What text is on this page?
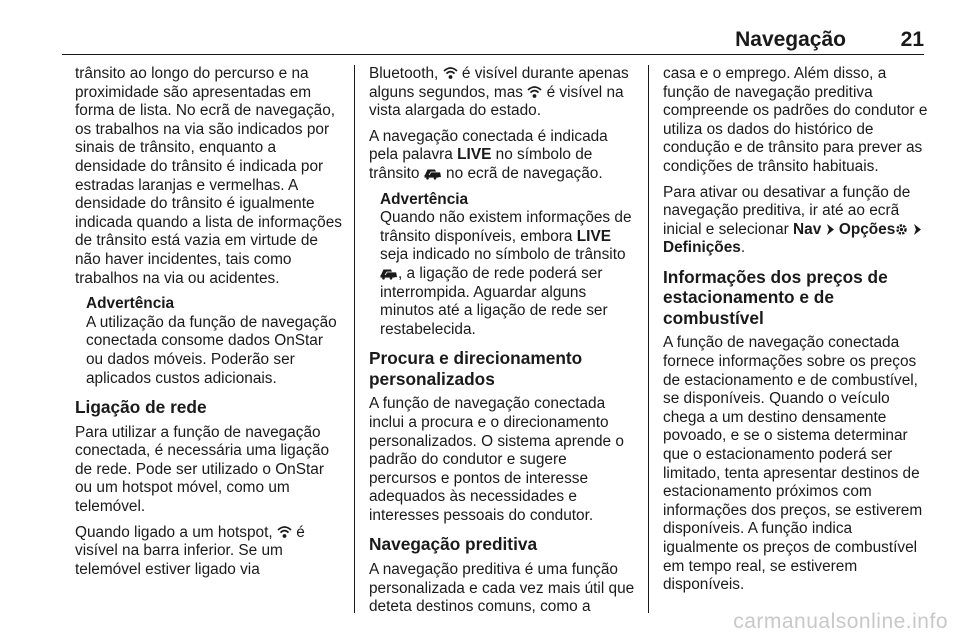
Navegação	21

trânsito ao longo do percurso e na proximidade são apresentadas em forma de lista. No ecrã de navegação, os trabalhos na via são indicados por sinais de trânsito, enquanto a densidade do trânsito é indicada por estradas laranjas e vermelhas. A densidade do trânsito é igualmente indicada quando a lista de informações de trânsito está vazia em virtude de não haver incidentes, tais como trabalhos na via ou acidentes.

Advertência
A utilização da função de navegação conectada consome dados OnStar ou dados móveis. Poderão ser aplicados custos adicionais.
Ligação de rede

Para utilizar a função de navegação conectada, é necessária uma ligação de rede. Pode ser utilizado o OnStar ou um hotspot móvel, como um telemóvel.

Quando ligado a um hotspot, é visível na barra inferior. Se um telemóvel estiver ligado via

Bluetooth, é visível durante apenas alguns segundos, mas é visível na vista alargada do estado.

A navegação conectada é indicada pela palavra LIVE no símbolo de trânsito no ecrã de navegação.

Advertência
Quando não existem informações de trânsito disponíveis, embora LIVE seja indicado no símbolo de trânsito , a ligação de rede poderá ser interrompida. Aguardar alguns minutos até a ligação de rede ser restabelecida.
Procura e direcionamento personalizados

A função de navegação conectada inclui a procura e o direcionamento personalizados. O sistema aprende o padrão do condutor e sugere percursos e pontos de interesse adequados às necessidades e interesses pessoais do condutor.

Navegação preditiva

A navegação preditiva é uma função personalizada e cada vez mais útil que deteta destinos comuns, como a

casa e o emprego. Além disso, a função de navegação preditiva compreende os padrões do condutor e utiliza os dados do histórico de condução e de trânsito para prever as condições de trânsito habituais.

Para ativar ou desativar a função de navegação preditiva, ir até ao ecrã inicial e selecionar Nav Opções  Definições.

Informações dos preços de estacionamento e de combustível

A função de navegação conectada fornece informações sobre os preços de estacionamento e de combustível, se disponíveis. Quando o veículo chega a um destino densamente povoado, e se o sistema determinar que o estacionamento poderá ser limitado, tenta apresentar destinos de estacionamento próximos com informações dos preços, se estiverem disponíveis. A função indica igualmente os preços de combustível em tempo real, se estiverem disponíveis.

carmanualsonline.info
